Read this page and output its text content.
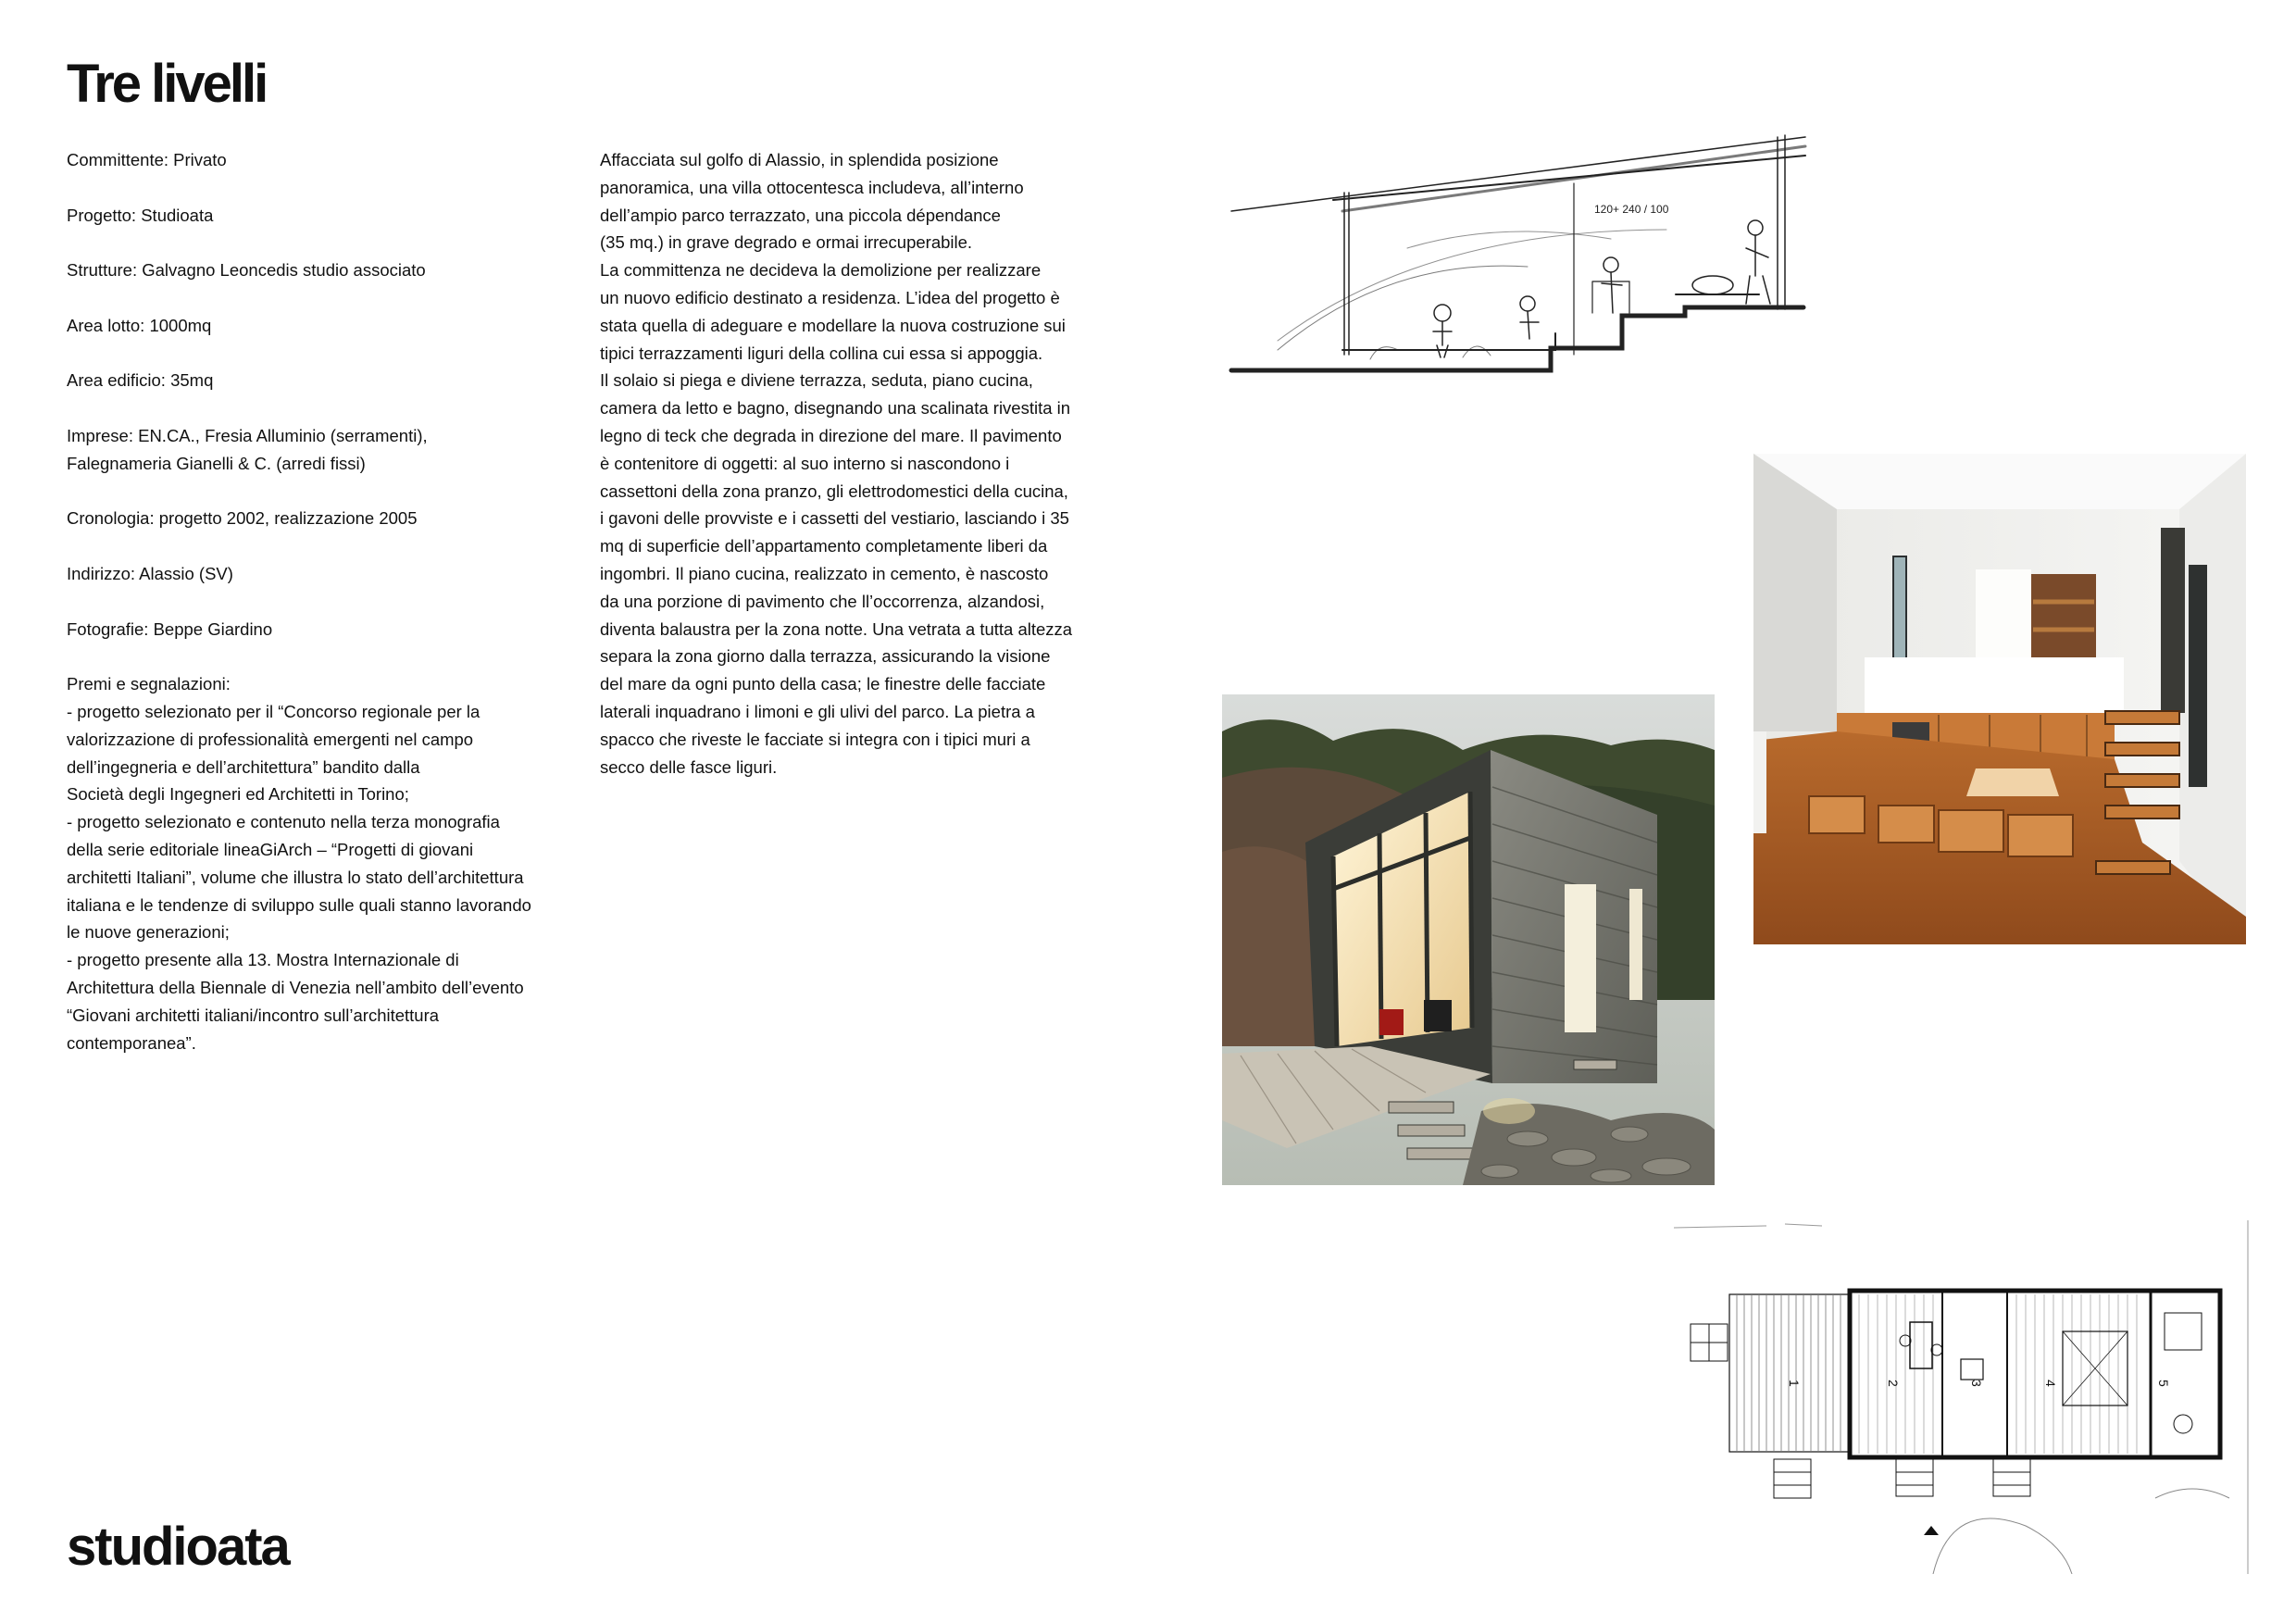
Tre livelli
Committente: Privato
Progetto: Studioata
Strutture: Galvagno Leoncedis studio associato
Area lotto: 1000mq
Area edificio: 35mq
Imprese: EN.CA., Fresia Alluminio (serramenti),
Falegnameria Gianelli & C. (arredi fissi)
Cronologia: progetto 2002, realizzazione 2005
Indirizzo: Alassio (SV)
Fotografie: Beppe Giardino
Premi e segnalazioni:
- progetto selezionato per il “Concorso regionale per la
valorizzazione di professionalità emergenti nel campo
dell’ingegneria e dell’architettura” bandito dalla
Società degli Ingegneri ed Architetti in Torino;
- progetto selezionato e contenuto nella terza monografia
della serie editoriale lineaGiArch – “Progetti di giovani
architetti Italiani”, volume che illustra lo stato dell’architettura
italiana e le tendenze di sviluppo sulle quali stanno lavorando
le nuove generazioni;
- progetto presente alla 13. Mostra Internazionale di
Architettura della Biennale di Venezia nell’ambito dell’evento
“Giovani architetti italiani/incontro sull’architettura
contemporanea”.

Affacciata sul golfo di Alassio, in splendida posizione

panoramica, una villa ottocentesca includeva, all’interno

dell’ampio parco terrazzato, una piccola dépendance

(35 mq.) in grave degrado e ormai irrecuperabile.

La committenza ne decideva la demolizione per realizzare

un nuovo edificio destinato a residenza. L’idea del progetto è

stata quella di adeguare e modellare la nuova costruzione sui

tipici terrazzamenti liguri della collina cui essa si appoggia.

Il solaio si piega e diviene terrazza, seduta, piano cucina,

camera da letto e bagno, disegnando una scalinata rivestita in

legno di teck che degrada in direzione del mare. Il pavimento

è contenitore di oggetti: al suo interno si nascondono i

cassettoni della zona pranzo, gli elettrodomestici della cucina,

i gavoni delle provviste e i cassetti del vestiario, lasciando i 35

mq di superficie dell’appartamento completamente liberi da

ingombri. Il piano cucina, realizzato in cemento, è nascosto

da una porzione di pavimento che ll’occorrenza, alzandosi,

diventa balaustra per la zona notte. Una vetrata a tutta altezza

separa la zona giorno dalla terrazza, assicurando la visione

del mare da ogni punto della casa; le finestre delle facciate

laterali inquadrano i limoni e gli ulivi del parco. La pietra a

spacco che riveste le facciate si integra con i tipici muri a

secco delle fasce liguri.

120+ 240 / 100
1	2	3	4	5
studioata
